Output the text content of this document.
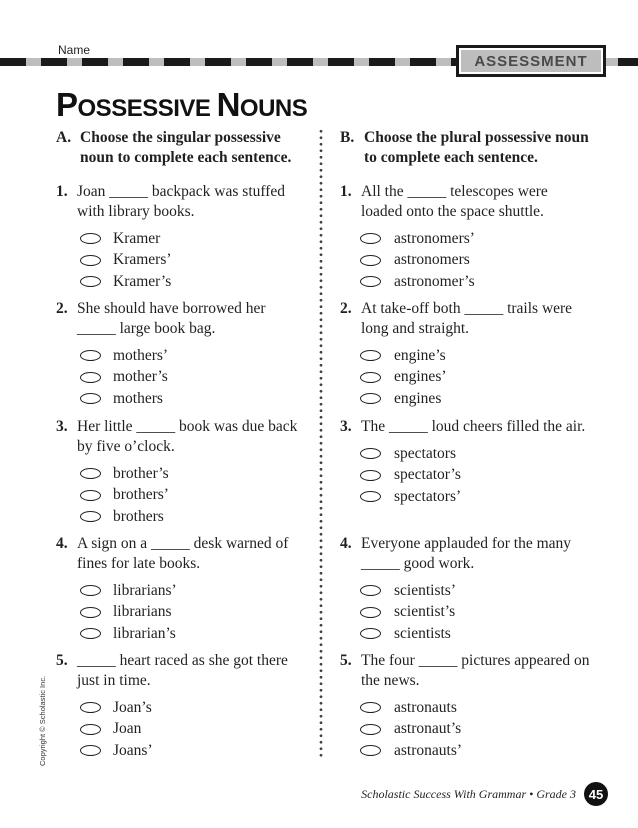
Name
ASSESSMENT
POSSESSIVE NOUNS
A. Choose the singular possessive noun to complete each sentence.
1. Joan _____ backpack was stuffed with library books.
Kramer
Kramers’
Kramer’s
2. She should have borrowed her _____ large book bag.
mothers’
mother’s
mothers
3. Her little _____ book was due back by five o’clock.
brother’s
brothers’
brothers
4. A sign on a _____ desk warned of fines for late books.
librarians’
librarians
librarian’s
5. _____ heart raced as she got there just in time.
Joan’s
Joan
Joans’
B. Choose the plural possessive noun to complete each sentence.
1. All the _____ telescopes were loaded onto the space shuttle.
astronomers’
astronomers
astronomer’s
2. At take-off both _____ trails were long and straight.
engine’s
engines’
engines
3. The _____ loud cheers filled the air.
spectators
spectator’s
spectators’
4. Everyone applauded for the many _____ good work.
scientists’
scientist’s
scientists
5. The four _____ pictures appeared on the news.
astronauts
astronaut’s
astronauts’
Copyright © Scholastic Inc.
Scholastic Success With Grammar • Grade 3 45
